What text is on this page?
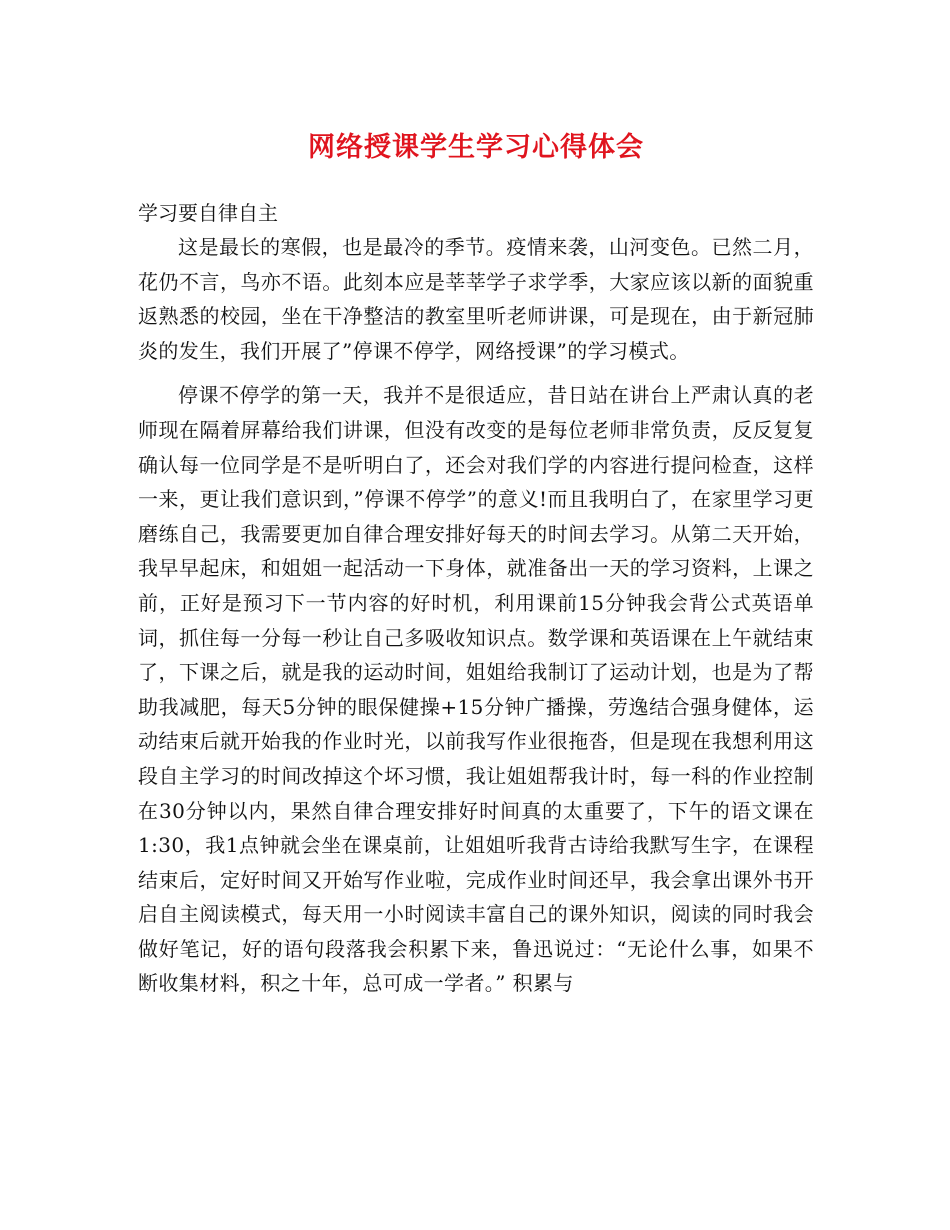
网络授课学生学习心得体会
学习要自律自主

这是最长的寒假，也是最冷的季节。疫情来袭，山河变色。已然二月，花仍不言，鸟亦不语。此刻本应是莘莘学子求学季，大家应该以新的面貌重返熟悉的校园，坐在干净整洁的教室里听老师讲课，可是现在，由于新冠肺炎的发生，我们开展了”停课不停学，网络授课”的学习模式。

停课不停学的第一天，我并不是很适应，昔日站在讲台上严肃认真的老师现在隔着屏幕给我们讲课，但没有改变的是每位老师非常负责，反反复复确认每一位同学是不是听明白了，还会对我们学的内容进行提问检查，这样一来，更让我们意识到，”停课不停学”的意义!而且我明白了，在家里学习更磨练自己，我需要更加自律合理安排好每天的时间去学习。从第二天开始，我早早起床，和姐姐一起活动一下身体，就准备出一天的学习资料，上课之前，正好是预习下一节内容的好时机，利用课前15分钟我会背公式英语单词，抓住每一分每一秒让自己多吸收知识点。数学课和英语课在上午就结束了，下课之后，就是我的运动时间，姐姐给我制订了运动计划，也是为了帮助我减肥，每天5分钟的眼保健操+15分钟广播操，劳逸结合强身健体，运动结束后就开始我的作业时光，以前我写作业很拖沓，但是现在我想利用这段自主学习的时间改掉这个坏习惯，我让姐姐帮我计时，每一科的作业控制在30分钟以内，果然自律合理安排好时间真的太重要了，下午的语文课在1:30，我1点钟就会坐在课桌前，让姐姐听我背古诗给我默写生字，在课程结束后，定好时间又开始写作业啦，完成作业时间还早，我会拿出课外书开启自主阅读模式，每天用一小时阅读丰富自己的课外知识，阅读的同时我会做好笔记，好的语句段落我会积累下来，鲁迅说过：“无论什么事，如果不断收集材料，积之十年，总可成一学者。” 积累与
